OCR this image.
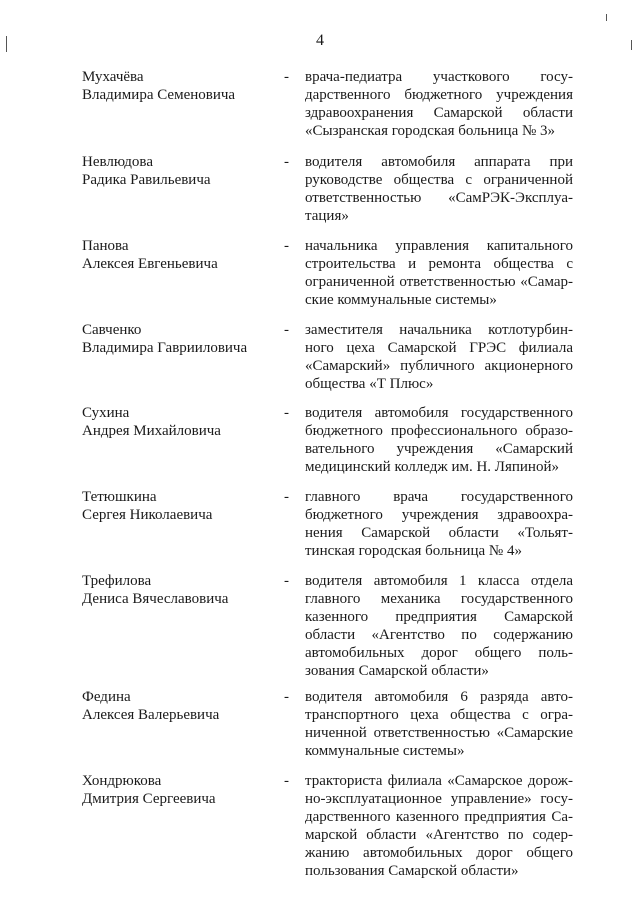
4
Мухачёва
Владимира Семеновича
- врача-педиатра участкового госу-
дарственного бюджетного учреждения
здравоохранения Самарской области
«Сызранская городская больница № 3»
Невлюдова
Радика Равильевича
- водителя автомобиля аппарата при
руководстве общества с ограниченной
ответственностью «СамРЭК-Эксплуа-
тация»
Панова
Алексея Евгеньевича
- начальника управления капитального
строительства и ремонта общества с
ограниченной ответственностью «Самар-
ские коммунальные системы»
Савченко
Владимира Гаврииловича
- заместителя начальника котлотурбин-
ного цеха Самарской ГРЭС филиала
«Самарский» публичного акционерного
общества «Т Плюс»
Сухина
Андрея Михайловича
- водителя автомобиля государственного
бюджетного профессионального образо-
вательного учреждения «Самарский
медицинский колледж им. Н. Ляпиной»
Тетюшкина
Сергея Николаевича
- главного врача государственного
бюджетного учреждения здравоохра-
нения Самарской области «Тольят-
тинская городская больница № 4»
Трефилова
Дениса Вячеславовича
- водителя автомобиля 1 класса отдела
главного механика государственного
казенного предприятия Самарской
области «Агентство по содержанию
автомобильных дорог общего поль-
зования Самарской области»
Федина
Алексея Валерьевича
- водителя автомобиля 6 разряда авто-
транспортного цеха общества с огра-
ниченной ответственностью «Самарские
коммунальные системы»
Хондрюкова
Дмитрия Сергеевича
- тракториста филиала «Самарское дорож-
но-эксплуатационное управление» госу-
дарственного казенного предприятия Са-
марской области «Агентство по содер-
жанию автомобильных дорог общего
пользования Самарской области»
